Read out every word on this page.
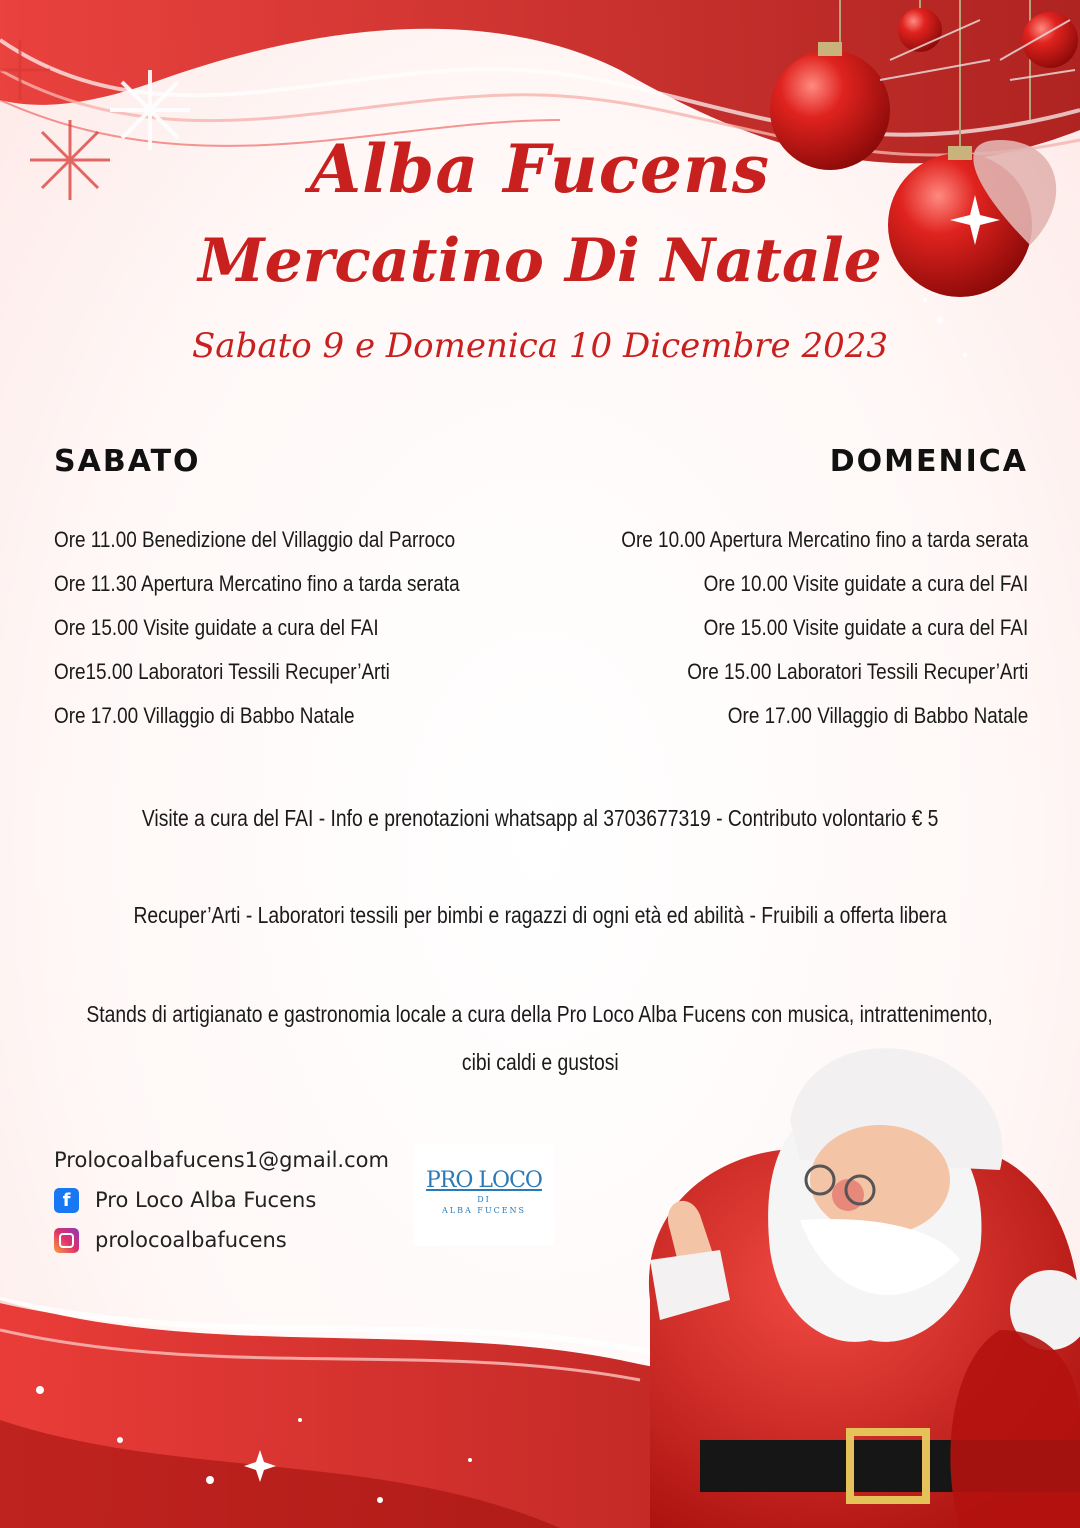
Alba Fucens
Mercatino Di Natale
Sabato 9 e Domenica 10 Dicembre 2023
SABATO	DOMENICA
Ore 11.00 Benedizione del Villaggio dal Parroco
Ore 11.30 Apertura Mercatino fino a tarda serata
Ore 15.00 Visite guidate a cura del FAI
Ore15.00 Laboratori Tessili Recuper’Arti
Ore 17.00 Villaggio di Babbo Natale
Ore 10.00 Apertura Mercatino fino a tarda serata
Ore 10.00 Visite guidate a cura del FAI
Ore 15.00 Visite guidate a cura del FAI
Ore 15.00 Laboratori Tessili Recuper’Arti
Ore 17.00 Villaggio di Babbo Natale
Visite a cura del FAI - Info e prenotazioni whatsapp al 3703677319 - Contributo volontario € 5
Recuper’Arti - Laboratori tessili per bimbi e ragazzi di ogni età ed abilità - Fruibili a offerta libera
Stands di artigianato e gastronomia locale a cura della Pro Loco Alba Fucens con musica, intrattenimento,
cibi caldi e gustosi
Prolocoalbafucens1@gmail.com
f	Pro Loco Alba Fucens
prolocoalbafucens
PRO LOCO
DI
ALBA FUCENS
